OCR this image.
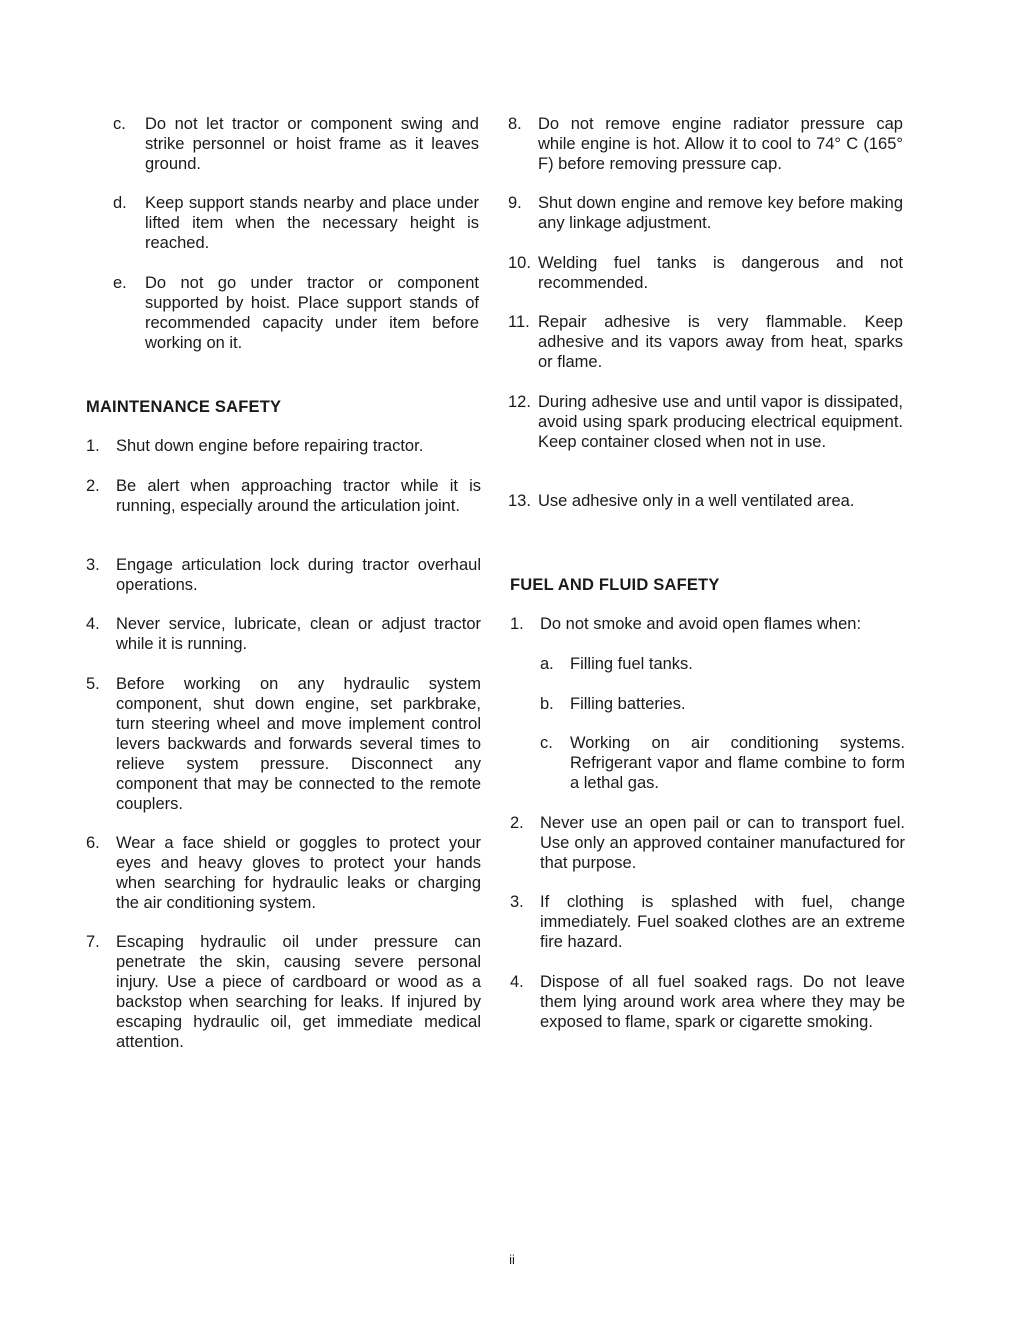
c.	Do not let tractor or component swing and strike personnel or hoist frame as it leaves ground.
d.	Keep support stands nearby and place under lifted item when the necessary height is reached.
e.	Do not go under tractor or component supported by hoist. Place support stands of recommended capacity under item before working on it.
MAINTENANCE SAFETY
1. Shut down engine before repairing tractor.
2. Be alert when approaching tractor while it is running, especially around the articulation joint.
3. Engage articulation lock during tractor overhaul operations.
4. Never service, lubricate, clean or adjust tractor while it is running.
5. Before working on any hydraulic system component, shut down engine, set parkbrake, turn steering wheel and move implement control levers backwards and forwards several times to relieve system pressure. Disconnect any component that may be connected to the remote couplers.
6. Wear a face shield or goggles to protect your eyes and heavy gloves to protect your hands when searching for hydraulic leaks or charging the air conditioning system.
7. Escaping hydraulic oil under pressure can penetrate the skin, causing severe personal injury. Use a piece of cardboard or wood as a backstop when searching for leaks. If injured by escaping hydraulic oil, get immediate medical attention.
8. Do not remove engine radiator pressure cap while engine is hot. Allow it to cool to 74° C (165° F) before removing pressure cap.
9. Shut down engine and remove key before making any linkage adjustment.
10. Welding fuel tanks is dangerous and not recommended.
11. Repair adhesive is very flammable. Keep adhesive and its vapors away from heat, sparks or flame.
12. During adhesive use and until vapor is dissipated, avoid using spark producing electrical equipment. Keep container closed when not in use.
13. Use adhesive only in a well ventilated area.
FUEL AND FLUID SAFETY
1. Do not smoke and avoid open flames when:
a. Filling fuel tanks.
b. Filling batteries.
c.	Working on air conditioning systems. Refrigerant vapor and flame combine to form a lethal gas.
2. Never use an open pail or can to transport fuel. Use only an approved container manufactured for that purpose.
3. If clothing is splashed with fuel, change immediately. Fuel soaked clothes are an extreme fire hazard.
4. Dispose of all fuel soaked rags. Do not leave them lying around work area where they may be exposed to flame, spark or cigarette smoking.
ii
